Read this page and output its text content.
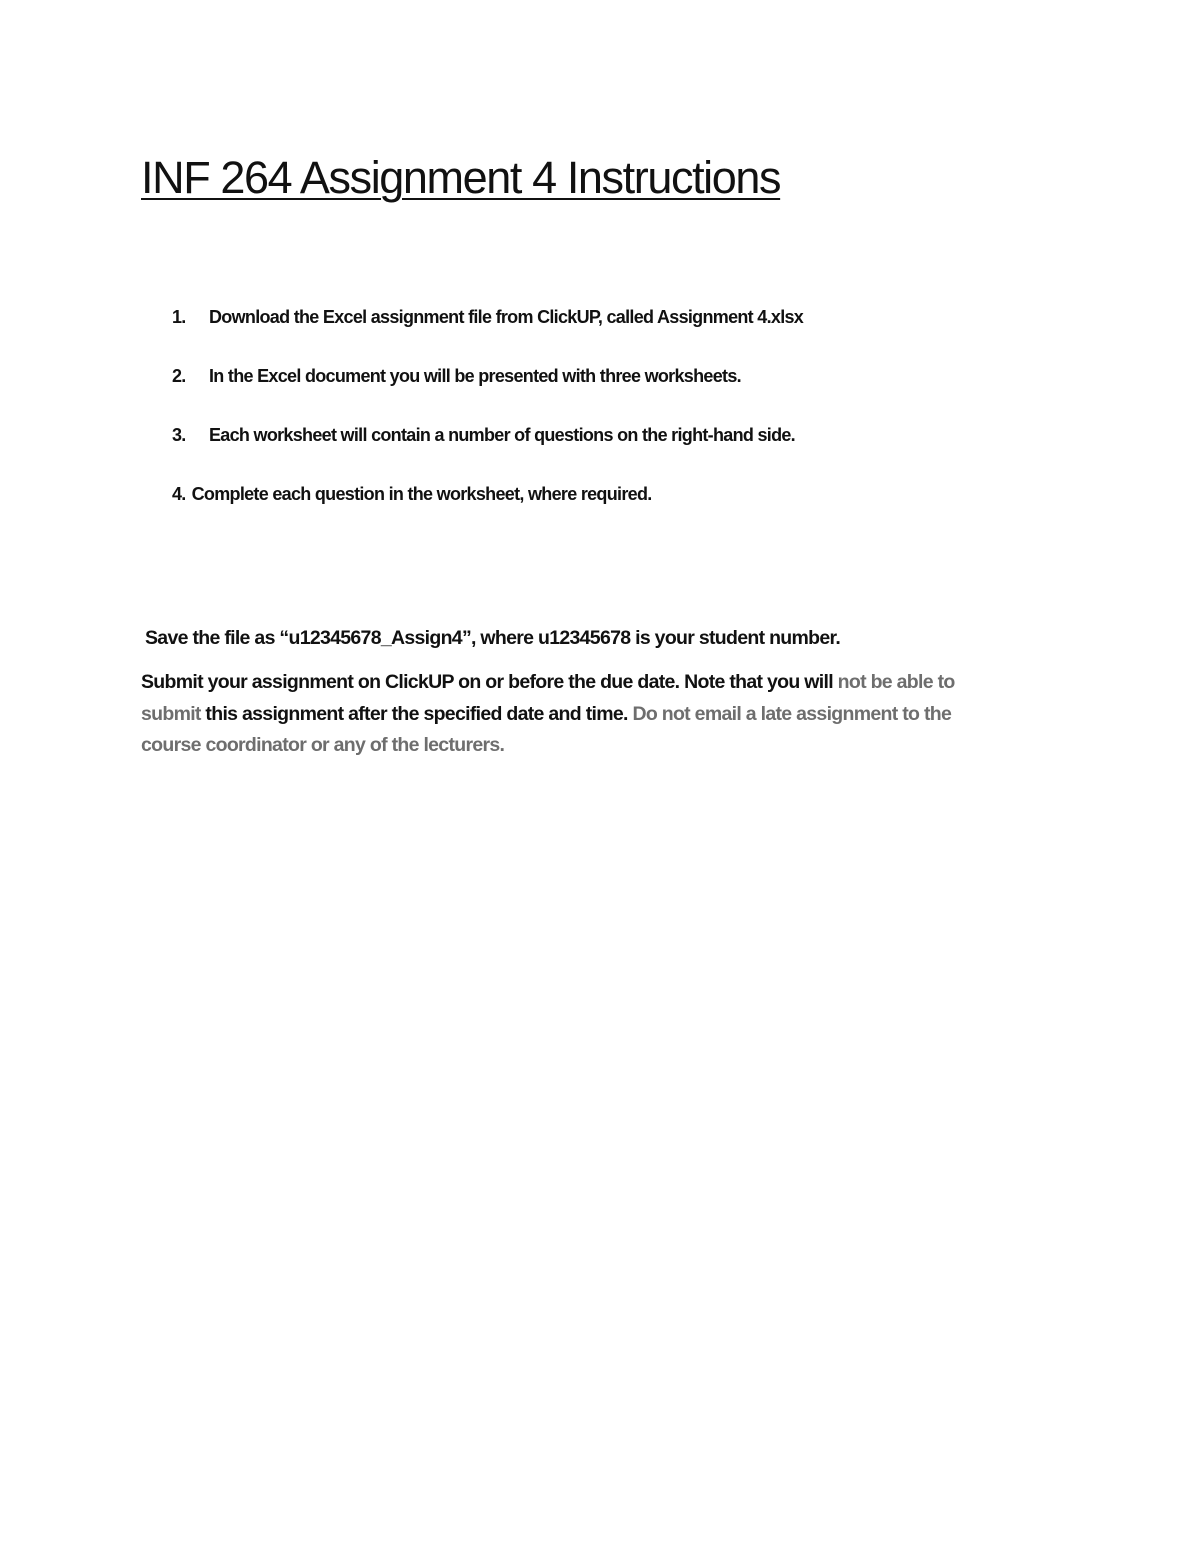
INF 264 Assignment 4 Instructions
1. Download the Excel assignment file from ClickUP, called Assignment 4.xlsx
2. In the Excel document you will be presented with three worksheets.
3. Each worksheet will contain a number of questions on the right-hand side.
4. Complete each question in the worksheet, where required.

Save the file as “u12345678_Assign4”, where u12345678 is your student number.

Submit your assignment on ClickUP on or before the due date. Note that you will not be able to submit this assignment after the specified date and time. Do not email a late assignment to the course coordinator or any of the lecturers.
